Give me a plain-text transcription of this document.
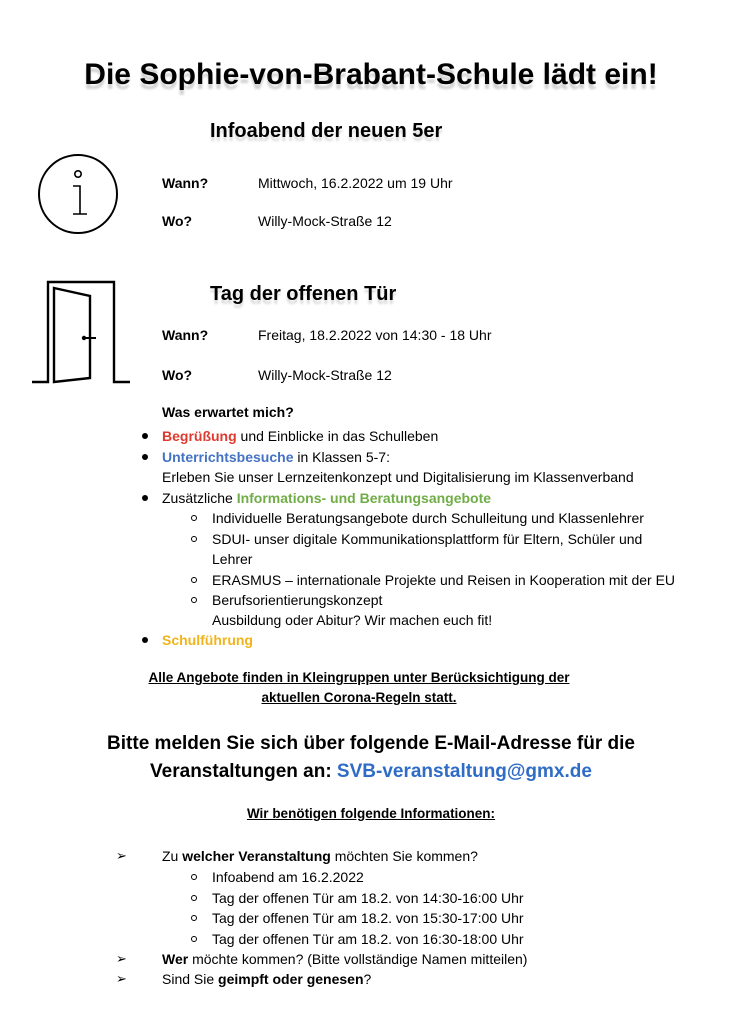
Die Sophie-von-Brabant-Schule lädt ein!
Infoabend der neuen 5er
Wann?	Mittwoch, 16.2.2022 um 19 Uhr
Wo?	Willy-Mock-Straße 12
Tag der offenen Tür
Wann?	Freitag, 18.2.2022 von 14:30 - 18 Uhr
Wo?	Willy-Mock-Straße 12
Was erwartet mich?
Begrüßung und Einblicke in das Schulleben
Unterrichtsbesuche in Klassen 5-7:
Erleben Sie unser Lernzeitenkonzept und Digitalisierung im Klassenverband
Zusätzliche Informations- und Beratungsangebote
Individuelle Beratungsangebote durch Schulleitung und Klassenlehrer
SDUI- unser digitale Kommunikationsplattform für Eltern, Schüler und
Lehrer
ERASMUS – internationale Projekte und Reisen in Kooperation mit der EU
Berufsorientierungskonzept
Ausbildung oder Abitur? Wir machen euch fit!
Schulführung
Alle Angebote finden in Kleingruppen unter Berücksichtigung der
aktuellen Corona-Regeln statt.
Bitte melden Sie sich über folgende E-Mail-Adresse für die
Veranstaltungen an: SVB-veranstaltung@gmx.de
Wir benötigen folgende Informationen:
➢	Zu welcher Veranstaltung möchten Sie kommen?
Infoabend am 16.2.2022
Tag der offenen Tür am 18.2. von 14:30-16:00 Uhr
Tag der offenen Tür am 18.2. von 15:30-17:00 Uhr
Tag der offenen Tür am 18.2. von 16:30-18:00 Uhr
➢	Wer möchte kommen? (Bitte vollständige Namen mitteilen)
➢	Sind Sie geimpft oder genesen?
